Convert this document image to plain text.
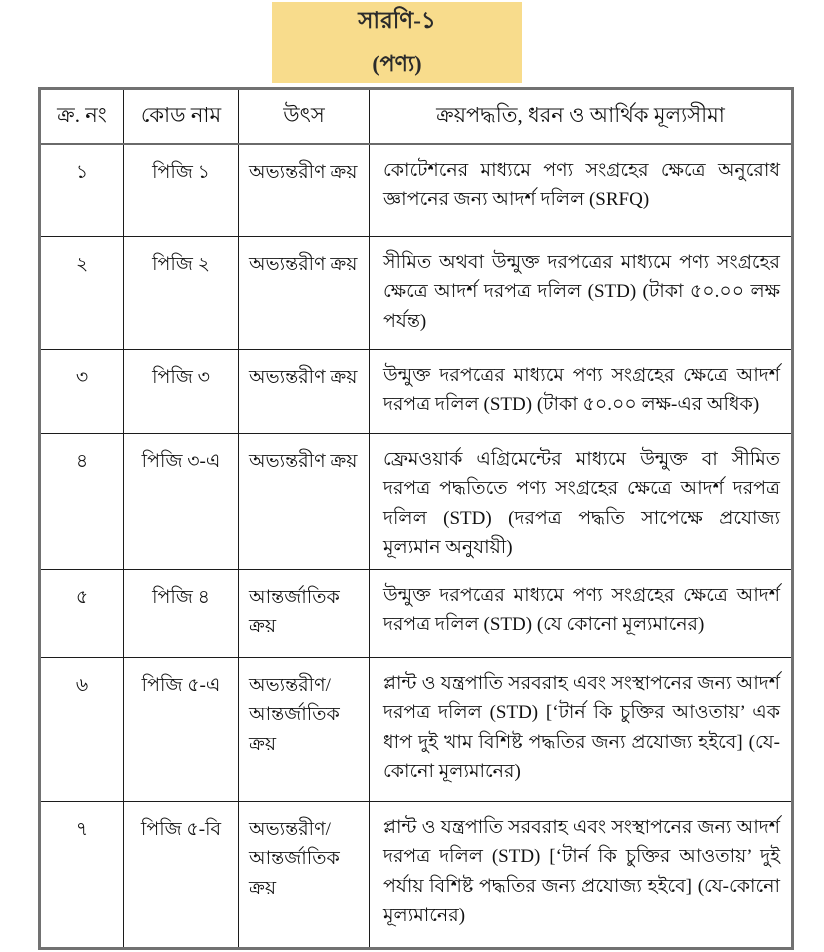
সারণি-১
(পণ্য)
ক্র. নং	কোড নাম	উৎস	ক্রয়পদ্ধতি, ধরন ও আর্থিক মূল্যসীমা
১	পিজি ১	অভ্যন্তরীণ ক্রয়	কোটেশনের মাধ্যমে পণ্য সংগ্রহের ক্ষেত্রে অনুরোধ জ্ঞাপনের জন্য আদর্শ দলিল (SRFQ)
২	পিজি ২	অভ্যন্তরীণ ক্রয়	সীমিত অথবা উন্মুক্ত দরপত্রের মাধ্যমে পণ্য সংগ্রহের ক্ষেত্রে আদর্শ দরপত্র দলিল (STD) (টাকা ৫০.০০ লক্ষ পর্যন্ত)
৩	পিজি ৩	অভ্যন্তরীণ ক্রয়	উন্মুক্ত দরপত্রের মাধ্যমে পণ্য সংগ্রহের ক্ষেত্রে আদর্শ দরপত্র দলিল (STD) (টাকা ৫০.০০ লক্ষ-এর অধিক)
৪	পিজি ৩-এ	অভ্যন্তরীণ ক্রয়	ফ্রেমওয়ার্ক এগ্রিমেন্টের মাধ্যমে উন্মুক্ত বা সীমিত দরপত্র পদ্ধতিতে পণ্য সংগ্রহের ক্ষেত্রে আদর্শ দরপত্র দলিল (STD) (দরপত্র পদ্ধতি সাপেক্ষে প্রযোজ্য মূল্যমান অনুযায়ী)
৫	পিজি ৪	আন্তর্জাতিক ক্রয়	উন্মুক্ত দরপত্রের মাধ্যমে পণ্য সংগ্রহের ক্ষেত্রে আদর্শ দরপত্র দলিল (STD) (যে কোনো মূল্যমানের)
৬	পিজি ৫-এ	অভ্যন্তরীণ/ আন্তর্জাতিক ক্রয়	প্লান্ট ও যন্ত্রপাতি সরবরাহ এবং সংস্থাপনের জন্য আদর্শ দরপত্র দলিল (STD) [‘টার্ন কি চুক্তির আওতায়’ এক ধাপ দুই খাম বিশিষ্ট পদ্ধতির জন্য প্রযোজ্য হইবে] (যে-কোনো মূল্যমানের)
৭	পিজি ৫-বি	অভ্যন্তরীণ/ আন্তর্জাতিক ক্রয়	প্লান্ট ও যন্ত্রপাতি সরবরাহ এবং সংস্থাপনের জন্য আদর্শ দরপত্র দলিল (STD) [‘টার্ন কি চুক্তির আওতায়’ দুই পর্যায় বিশিষ্ট পদ্ধতির জন্য প্রযোজ্য হইবে] (যে-কোনো মূল্যমানের)
